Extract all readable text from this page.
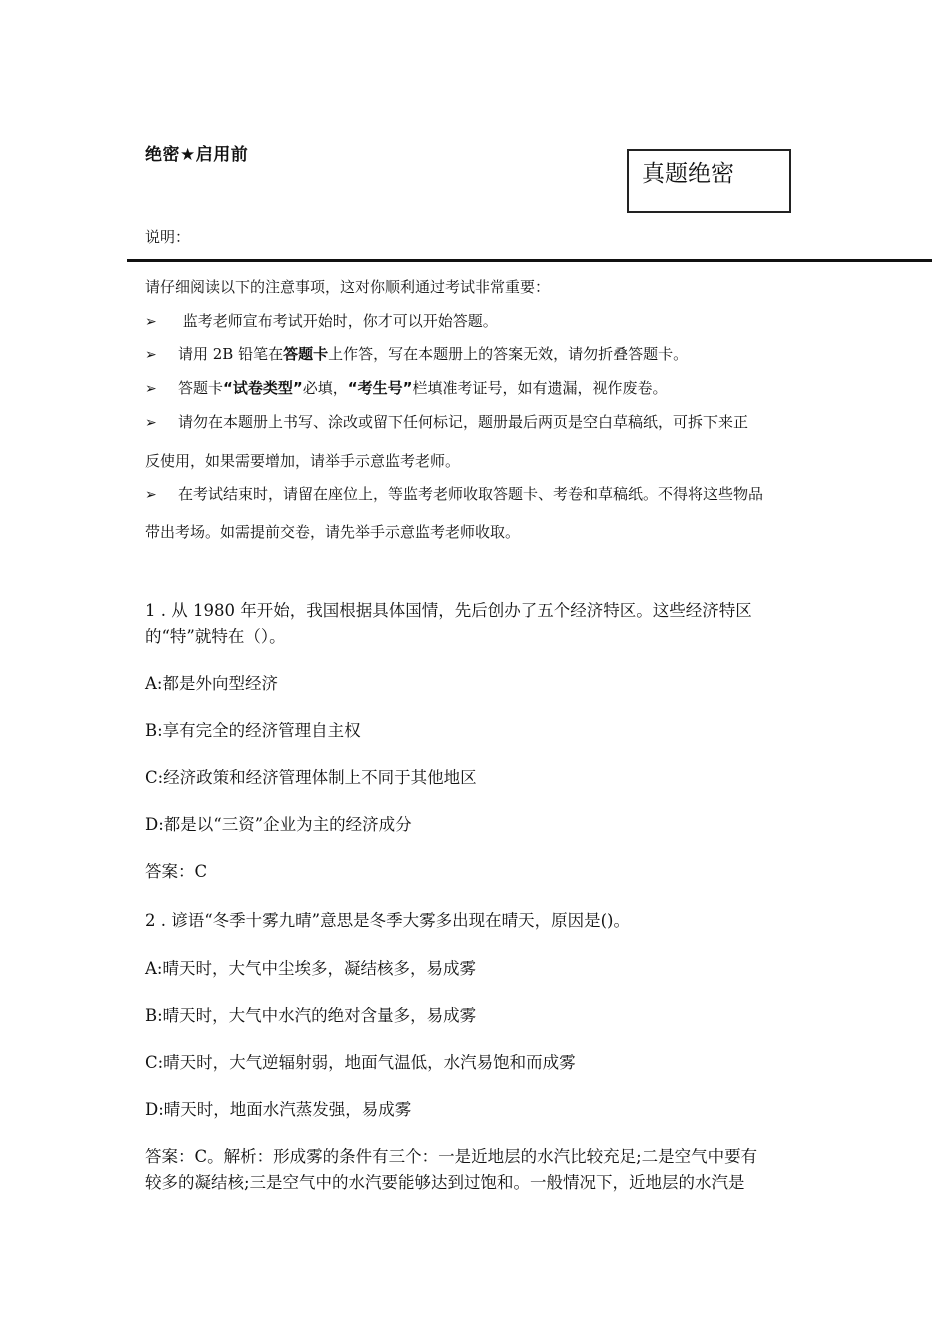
绝密★启用前
真题绝密
说明：
请仔细阅读以下的注意事项，这对你顺利通过考试非常重要：
➢ 监考老师宣布考试开始时，你才可以开始答题。
➢ 请用 2B 铅笔在答题卡上作答，写在本题册上的答案无效，请勿折叠答题卡。
➢ 答题卡“试卷类型”必填，“考生号”栏填准考证号，如有遗漏，视作废卷。
➢ 请勿在本题册上书写、涂改或留下任何标记，题册最后两页是空白草稿纸，可拆下来正
反使用，如果需要增加，请举手示意监考老师。
➢ 在考试结束时，请留在座位上，等监考老师收取答题卡、考卷和草稿纸。不得将这些物品
带出考场。如需提前交卷，请先举手示意监考老师收取。
1 . 从 1980 年开始，我国根据具体国情，先后创办了五个经济特区。这些经济特区
的“特”就特在（）。
A:都是外向型经济
B:享有完全的经济管理自主权
C:经济政策和经济管理体制上不同于其他地区
D:都是以“三资”企业为主的经济成分
答案：C
2 . 谚语“冬季十雾九晴”意思是冬季大雾多出现在晴天，原因是()。
A:晴天时，大气中尘埃多，凝结核多，易成雾
B:晴天时，大气中水汽的绝对含量多，易成雾
C:晴天时，大气逆辐射弱，地面气温低，水汽易饱和而成雾
D:晴天时，地面水汽蒸发强，易成雾
答案：C。解析：形成雾的条件有三个：一是近地层的水汽比较充足;二是空气中要有
较多的凝结核;三是空气中的水汽要能够达到过饱和。一般情况下，近地层的水汽是
